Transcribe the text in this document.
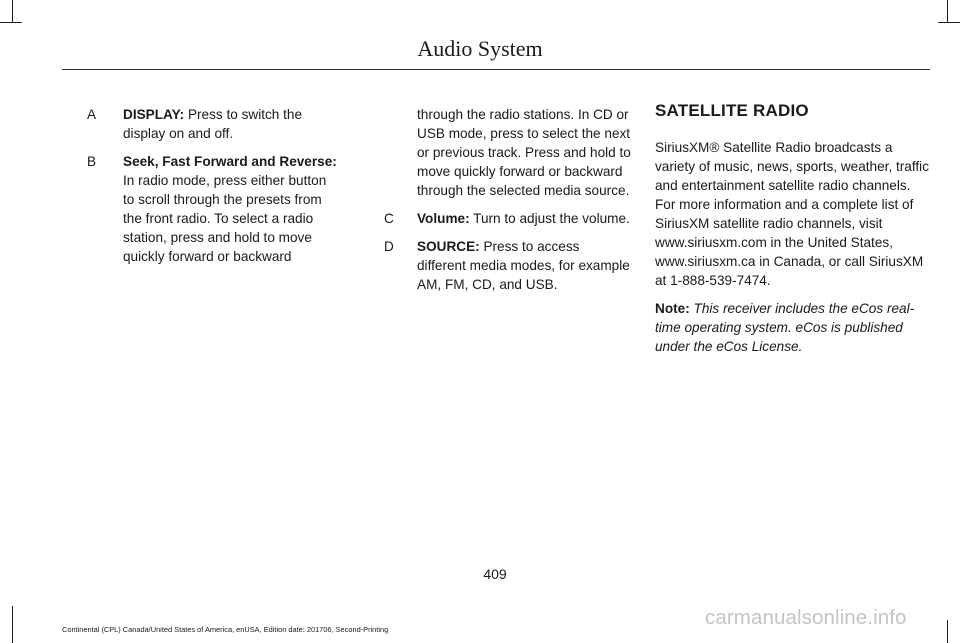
Audio System
A DISPLAY: Press to switch the display on and off.
B Seek, Fast Forward and Reverse: In radio mode, press either button to scroll through the presets from the front radio. To select a radio station, press and hold to move quickly forward or backward
through the radio stations. In CD or USB mode, press to select the next or previous track. Press and hold to move quickly forward or backward through the selected media source.
C Volume: Turn to adjust the volume.
D SOURCE: Press to access different media modes, for example AM, FM, CD, and USB.
SATELLITE RADIO

SiriusXM® Satellite Radio broadcasts a variety of music, news, sports, weather, traffic and entertainment satellite radio channels. For more information and a complete list of SiriusXM satellite radio channels, visit www.siriusxm.com in the United States, www.siriusxm.ca in Canada, or call SiriusXM at 1-888-539-7474.

Note: This receiver includes the eCos real-time operating system. eCos is published under the eCos License.

409
carmanualsonline.info
Continental (CPL) Canada/United States of America, enUSA, Edition date: 201706, Second-Printing
